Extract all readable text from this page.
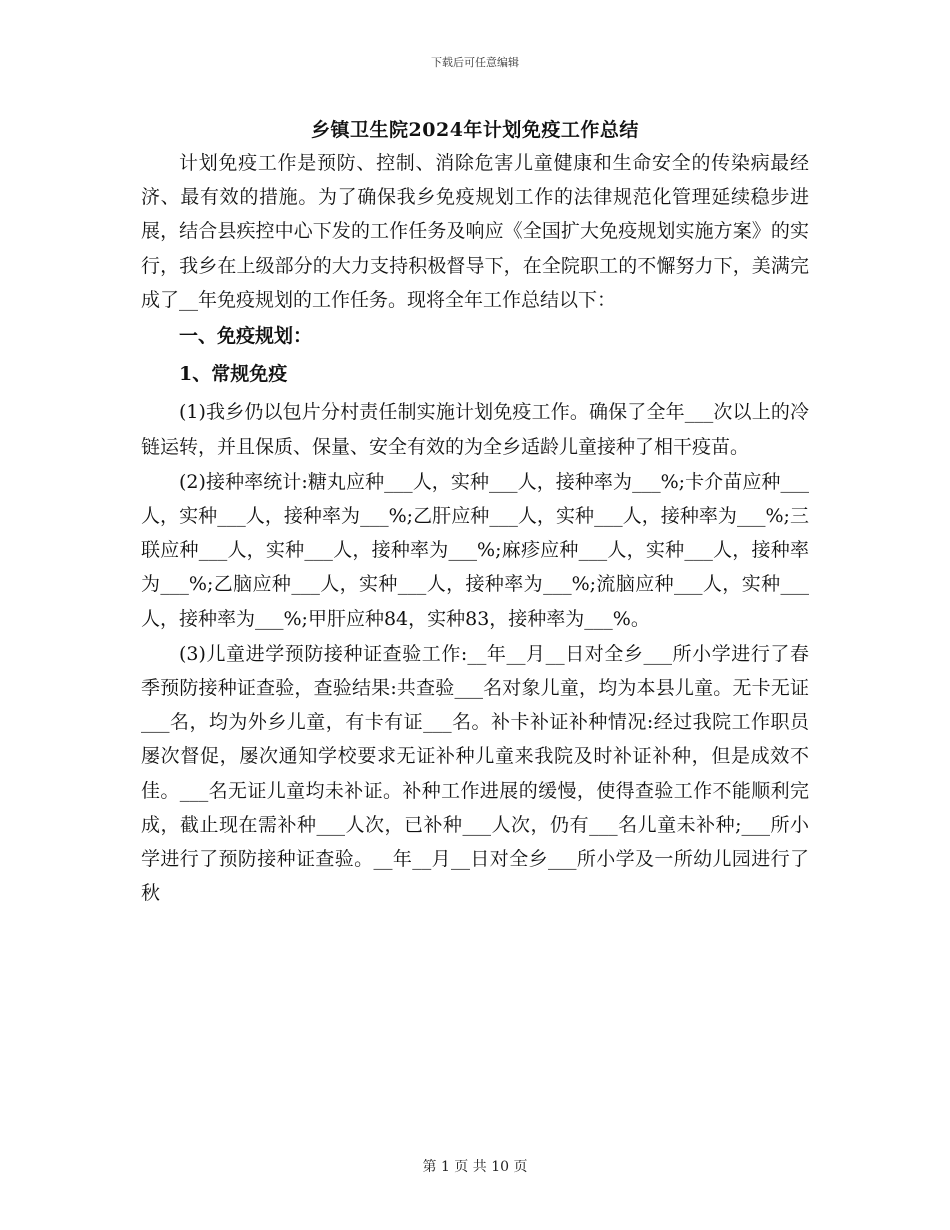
下载后可任意编辑
乡镇卫生院2024年计划免疫工作总结

计划免疫工作是预防、控制、消除危害儿童健康和生命安全的传染病最经济、最有效的措施。为了确保我乡免疫规划工作的法律规范化管理延续稳步进展，结合县疾控中心下发的工作任务及响应《全国扩大免疫规划实施方案》的实行，我乡在上级部分的大力支持积极督导下，在全院职工的不懈努力下，美满完成了__年免疫规划的工作任务。现将全年工作总结以下：

一、免疫规划：

1、常规免疫

(1)我乡仍以包片分村责任制实施计划免疫工作。确保了全年___次以上的冷链运转，并且保质、保量、安全有效的为全乡适龄儿童接种了相干疫苗。

(2)接种率统计:糖丸应种___人，实种___人，接种率为___%;卡介苗应种___人，实种___人，接种率为___%;乙肝应种___人，实种___人，接种率为___%;三联应种___人，实种___人，接种率为___%;麻疹应种___人，实种___人，接种率为___%;乙脑应种___人，实种___人，接种率为___%;流脑应种___人，实种___人，接种率为___%;甲肝应种84，实种83，接种率为___%。

(3)儿童进学预防接种证查验工作:__年__月__日对全乡___所小学进行了春季预防接种证查验，查验结果:共查验___名对象儿童，均为本县儿童。无卡无证___名，均为外乡儿童，有卡有证___名。补卡补证补种情况:经过我院工作职员屡次督促，屡次通知学校要求无证补种儿童来我院及时补证补种，但是成效不佳。___名无证儿童均未补证。补种工作进展的缓慢，使得查验工作不能顺利完成，截止现在需补种___人次，已补种___人次，仍有___名儿童未补种;___所小学进行了预防接种证查验。__年__月__日对全乡___所小学及一所幼儿园进行了秋

第 1 页 共 10 页
